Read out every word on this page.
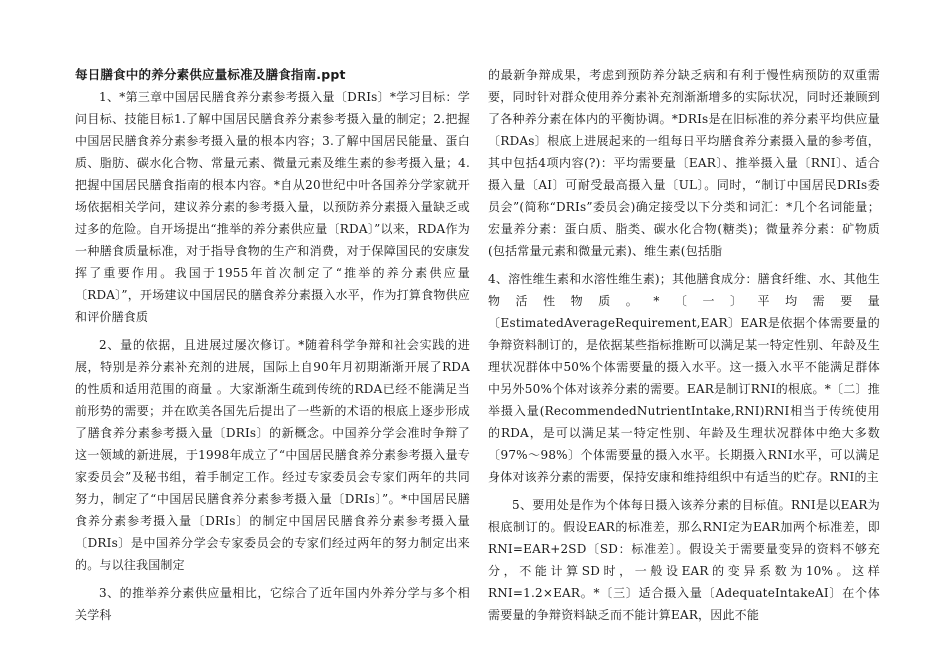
每日膳食中的养分素供应量标准及膳食指南.ppt

1、*第三章中国居民膳食养分素参考摄入量〔DRIs〕*学习目标：学问目标、技能目标1.了解中国居民膳食养分素参考摄入量的制定；2.把握中国居民膳食养分素参考摄入量的根本内容；3.了解中国居民能量、蛋白质、脂肪、碳水化合物、常量元素、微量元素及维生素的参考摄入量；4.把握中国居民膳食指南的根本内容。*自从20世纪中叶各国养分学家就开场依据相关学问，建议养分素的参考摄入量，以预防养分素摄入量缺乏或过多的危险。自开场提出“推举的养分素供应量〔RDA〕”以来，RDA作为一种膳食质量标准，对于指导食物的生产和消费，对于保障国民的安康发挥了重要作用。我国于1955年首次制定了“推举的养分素供应量〔RDA〕”，开场建议中国居民的膳食养分素摄入水平，作为打算食物供应和评价膳食质

2、量的依据，且进展过屡次修订。*随着科学争辩和社会实践的进展，特别是养分素补充剂的进展，国际上自90年月初期渐渐开展了RDA的性质和适用范围的商量 。大家渐渐生疏到传统的RDA已经不能满足当前形势的需要；并在欧美各国先后提出了一些新的术语的根底上逐步形成了膳食养分素参考摄入量〔DRIs〕的新概念。中国养分学会准时争辩了这一领域的新进展，于1998年成立了“中国居民膳食养分素参考摄入量专家委员会”及秘书组，着手制定工作。经过专家委员会专家们两年的共同努力，制定了“中国居民膳食养分素参考摄入量〔DRIs〕”。*中国居民膳食养分素参考摄入量〔DRIs〕的制定中国居民膳食养分素参考摄入量〔DRIs〕是中国养分学会专家委员会的专家们经过两年的努力制定出来的。与以往我国制定

3、的推举养分素供应量相比，它综合了近年国内外养分学与多个相关学科

的最新争辩成果，考虑到预防养分缺乏病和有利于慢性病预防的双重需要，同时针对群众使用养分素补充剂渐渐增多的实际状况，同时还兼顾到了各种养分素在体内的平衡协调。*DRIs是在旧标准的养分素平均供应量〔RDAs〕根底上进展起来的一组每日平均膳食养分素摄入量的参考值，其中包括4项内容(?)：平均需要量〔EAR〕、推举摄入量〔RNI〕、适合摄入量〔AI〕可耐受最高摄入量〔UL〕。同时，“制订中国居民DRIs委员会”(简称“DRIs”委员会)确定接受以下分类和词汇：*几个名词能量；宏量养分素：蛋白质、脂类、碳水化合物(糖类)；微量养分素：矿物质(包括常量元素和微量元素)、维生素(包括脂

4、溶性维生素和水溶性维生素)；其他膳食成分：膳食纤维、水、其他生物活性物质。*〔一〕平均需要量〔EstimatedAverageRequirement,EAR〕EAR是依据个体需要量的争辩资料制订的，是依据某些指标推断可以满足某一特定性别、年龄及生理状况群体中50%个体需要量的摄入水平。这一摄入水平不能满足群体中另外50%个体对该养分素的需要。EAR是制订RNI的根底。*〔二〕推举摄入量(RecommendedNutrientIntake,RNI)RNI相当于传统使用的RDA，是可以满足某一特定性别、年龄及生理状况群体中绝大多数〔97%～98%〕个体需要量的摄入水平。长期摄入RNI水平，可以满足身体对该养分素的需要，保持安康和维持组织中有适当的贮存。RNI的主

5、要用处是作为个体每日摄入该养分素的目标值。RNI是以EAR为根底制订的。假设EAR的标准差，那么RNI定为EAR加两个标准差，即RNI=EAR+2SD〔SD：标准差〕。假设关于需要量变异的资料不够充分，不能计算SD时，一般设EAR的变异系数为10%。这样RNI=1.2×EAR。*〔三〕适合摄入量〔AdequateIntakeAI〕在个体需要量的争辩资料缺乏而不能计算EAR，因此不能
